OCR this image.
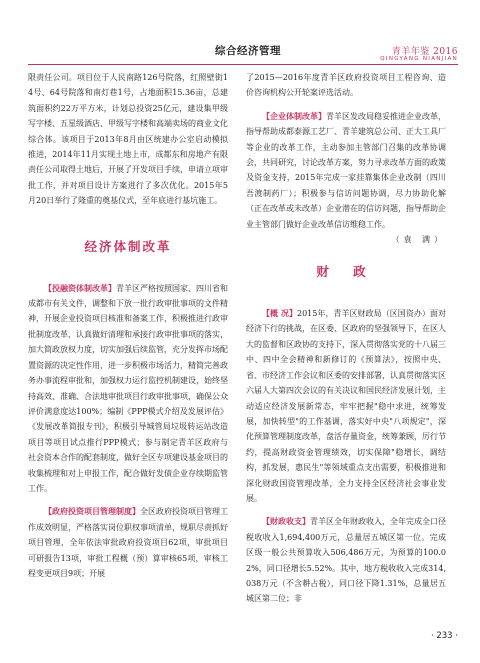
综合经济管理	青羊年鉴 2016
QINGYANG NIANJIAN

限责任公司。项目位于人民南路126号院落，红照壁街14号、64号院落和南灯巷1号，占地面积15.36亩，总建筑面积约22万平方米，计划总投资25亿元，建设集甲级写字楼、五星级酒店、甲级写字楼和高端卖场的商业文化综合体。该项目于2013年8月由区统建办公室启动模拟推进，2014年11月实现土地上市，成都东和房地产有限责任公司取得土地后，开展了开发项目手续，申请立项审批工作，并对项目设计方案进行了多次优化。2015年5月20日举行了隆重的奠基仪式，至年底进行基坑施工。

经济体制改革

【投融资体制改革】青羊区严格按照国家、四川省和成都市有关文件，调整和下放一批行政审批事项的文件精神，开展企业投资项目核准和备案工作，积极推进行政审批制度改革，认真做好清理和承接行政审批事项的落实，加大简政放权力度，切实加强后续监管，充分发挥市场配置资源的决定性作用，进一步积极市场活力，精简完善政务办事流程审批和，加强权力运行监控机制建设，始终坚持高效、准确、合法地审批项目行政审批事项，确保公众评价满意度达100%；编制《PPP模式介绍及发展评估》《发展改革简报专刊》，积极引导城管局垃圾转运站改造项目等项目试点推行PPP模式；参与制定青羊区政府与社会资本合作的配套制度，做好全区专项建设基金项目的收集梳理和对上申报工作，配合做好发债企业存续期监管工作。

【政府投资项目管理制度】全区政府投资项目管理工作成效明显，严格落实岗位职权事项清单，规职尽责抓好项目管理，全年依法审批政府投资项目62项，审批项目可研报告13项，审批工程概（预）算审核65项，审核工程变更项目9项；开展

了2015—2016年度青羊区政府投资项目工程咨询、造价咨询机构公开轮案评选活动。

【企业体制改革】青羊区发改局稳妥推进企业改革，指导帮助成都泰源工艺厂、青羊建筑总公司、正大工具厂等企业的改革工作，主动参加主管部门召集的改革协调会，共同研究，讨论改革方案，努力寻求改革方面的政策及资金支持，2015年完成一家挂靠集体企业改制（四川吾渡制药厂）；积极参与信访问题协调，尽力协助化解（正在改革或未改革）企业潜在的信访问题，指导帮助企业主管部门做好企业改革信访维稳工作。
（袁 满）

财 政

【概 况】2015年，青羊区财政局（区国资办）面对经济下行的挑战，在区委、区政府的坚强领导下，在区人大的监督和区政协的支持下，深入贯彻落实党的十八届三中、四中全会精神和新修订的《预算法》，按照中央、省、市经济工作会议和区委的安排部署，认真贯彻落实区六届人大第四次会议的有关决议和国民经济发展计划，主动适应经济发展新常态，牢牢把握"稳中求进，统筹发展，加快转型"的工作基调，落实好中央"八项规定"，深化预算管理制度改革，盘活存量资金，统筹兼顾，厉行节约，提高财政资金管理绩效，切实保障"稳增长，调结构，抓发展，惠民生"等领域重点支出需要，积极推进和深化财政国资管理改革，全力支持全区经济社会事业发展。

【财政收支】青羊区全年财政收入，全年完成全口径税收收入1,694,400万元，总量居五城区第一位。完成区级一般公共预算收入506,486万元，为预算的100.02%，同口径增长5.52%。其中，地方税收收入完成314,038万元（不含耕占税），同口径下降1.31%，总量居五城区第二位；非

· 233 ·
